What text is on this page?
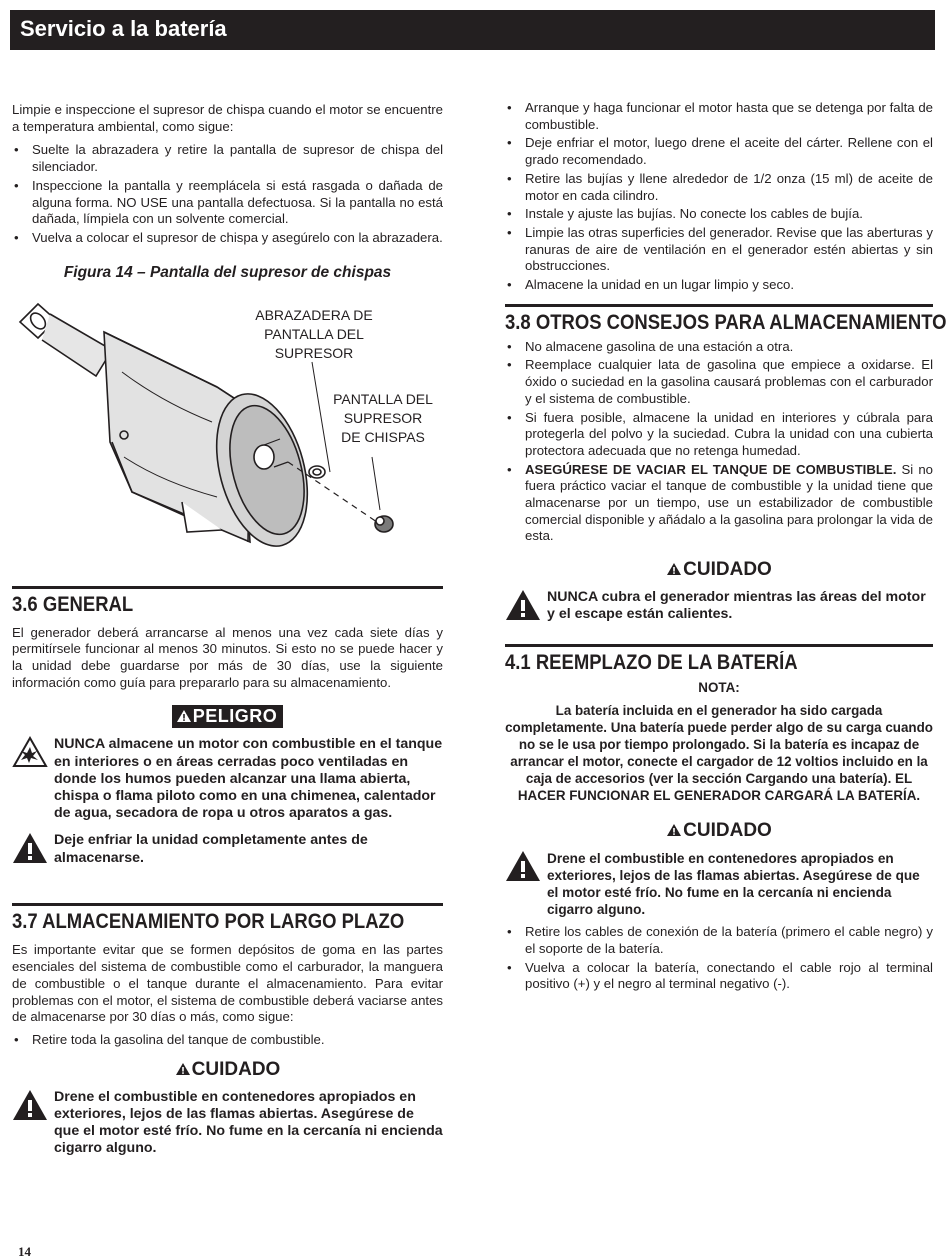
Servicio a la batería

Limpie e inspeccione el supresor de chispa cuando el motor se encuentre a temperatura ambiental, como sigue:

• Suelte la abrazadera y retire la pantalla de supresor de chispa del silenciador.
• Inspeccione la pantalla y reemplácela si está rasgada o dañada de alguna forma. NO USE una pantalla defectuosa. Si la pantalla no está dañada, límpiela con un solvente comercial.
• Vuelva a colocar el supresor de chispa y asegúrelo con la abrazadera.
Figura 14 – Pantalla del supresor de chispas
ABRAZADERA DE
PANTALLA DEL
SUPRESOR
PANTALLA DEL
SUPRESOR
DE CHISPAS
3.6 GENERAL

El generador deberá arrancarse al menos una vez cada siete días y permitírsele funcionar al menos 30 minutos. Si esto no se puede hacer y la unidad debe guardarse por más de 30 días, use la siguiente información como guía para prepararlo para su almacenamiento.

PELIGRO
NUNCA almacene un motor con combustible en el tanque en interiores o en áreas cerradas poco ventiladas en donde los humos pueden alcanzar una llama abierta, chispa o flama piloto como en una chimenea, calentador de agua, secadora de ropa u otros aparatos a gas.
Deje enfriar la unidad completamente antes de almacenarse.
3.7 ALMACENAMIENTO POR LARGO PLAZO

Es importante evitar que se formen depósitos de goma en las partes esenciales del sistema de combustible como el carburador, la manguera de combustible o el tanque durante el almacenamiento. Para evitar problemas con el motor, el sistema de combustible deberá vaciarse antes de almacenarse por 30 días o más, como sigue:

• Retire toda la gasolina del tanque de combustible.
CUIDADO
Drene el combustible en contenedores apropiados en exteriores, lejos de las flamas abiertas. Asegúrese de que el motor esté frío. No fume en la cercanía ni encienda cigarro alguno.
• Arranque y haga funcionar el motor hasta que se detenga por falta de combustible.
• Deje enfriar el motor, luego drene el aceite del cárter. Rellene con el grado recomendado.
• Retire las bujías y llene alrededor de 1/2 onza (15 ml) de aceite de motor en cada cilindro.
• Instale y ajuste las bujías. No conecte los cables de bujía.
• Limpie las otras superficies del generador. Revise que las aberturas y ranuras de aire de ventilación en el generador estén abiertas y sin obstrucciones.
• Almacene la unidad en un lugar limpio y seco.
3.8 OTROS CONSEJOS PARA ALMACENAMIENTO
• No almacene gasolina de una estación a otra.
• Reemplace cualquier lata de gasolina que empiece a oxidarse. El óxido o suciedad en la gasolina causará problemas con el carburador y el sistema de combustible.
• Si fuera posible, almacene la unidad en interiores y cúbrala para protegerla del polvo y la suciedad. Cubra la unidad con una cubierta protectora adecuada que no retenga humedad.
• ASEGÚRESE DE VACIAR EL TANQUE DE COMBUSTIBLE. Si no fuera práctico vaciar el tanque de combustible y la unidad tiene que almacenarse por un tiempo, use un estabilizador de combustible comercial disponible y añádalo a la gasolina para prolongar la vida de esta.
CUIDADO
NUNCA cubra el generador mientras las áreas del motor y el escape están calientes.
4.1 REEMPLAZO DE LA BATERÍA
NOTA:
La batería incluida en el generador ha sido cargada completamente. Una batería puede perder algo de su carga cuando no se le usa por tiempo prolongado. Si la batería es incapaz de arrancar el motor, conecte el cargador de 12 voltios incluido en la caja de accesorios (ver la sección Cargando una batería). EL HACER FUNCIONAR EL GENERADOR CARGARÁ LA BATERÍA.
CUIDADO
Drene el combustible en contenedores apropiados en exteriores, lejos de las flamas abiertas. Asegúrese de que el motor esté frío. No fume en la cercanía ni encienda cigarro alguno.
• Retire los cables de conexión de la batería (primero el cable negro) y el soporte de la batería.
• Vuelva a colocar la batería, conectando el cable rojo al terminal positivo (+) y el negro al terminal negativo (-).
14
